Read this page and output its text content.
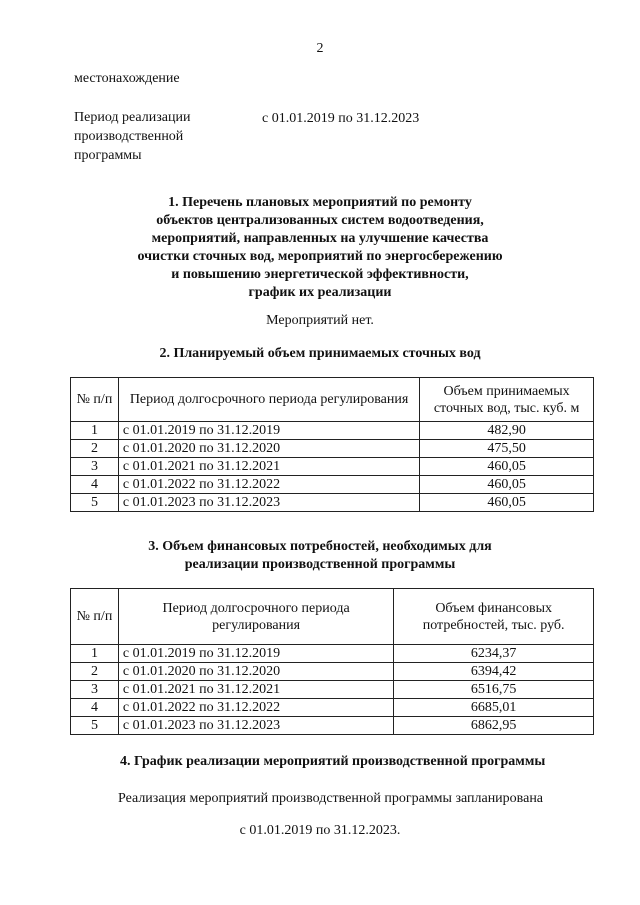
2
местонахождение
Период реализации
производственной
программы
с 01.01.2019 по 31.12.2023
1. Перечень плановых мероприятий по ремонту
объектов централизованных систем водоотведения,
мероприятий, направленных на улучшение качества
очистки сточных вод, мероприятий по энергосбережению
и повышению энергетической эффективности,
график их реализации
Мероприятий нет.
2. Планируемый объем принимаемых сточных вод
№ п/п	Период долгосрочного периода регулирования	Объем принимаемых сточных вод, тыс. куб. м
1	с 01.01.2019 по 31.12.2019	482,90
2	с 01.01.2020 по 31.12.2020	475,50
3	с 01.01.2021 по 31.12.2021	460,05
4	с 01.01.2022 по 31.12.2022	460,05
5	с 01.01.2023 по 31.12.2023	460,05
3. Объем финансовых потребностей, необходимых для
реализации производственной программы
№ п/п	Период долгосрочного периода регулирования	Объем финансовых потребностей, тыс. руб.
1	с 01.01.2019 по 31.12.2019	6234,37
2	с 01.01.2020 по 31.12.2020	6394,42
3	с 01.01.2021 по 31.12.2021	6516,75
4	с 01.01.2022 по 31.12.2022	6685,01
5	с 01.01.2023 по 31.12.2023	6862,95
4. График реализации мероприятий производственной программы
Реализация мероприятий производственной программы запланирована
с 01.01.2019 по 31.12.2023.
